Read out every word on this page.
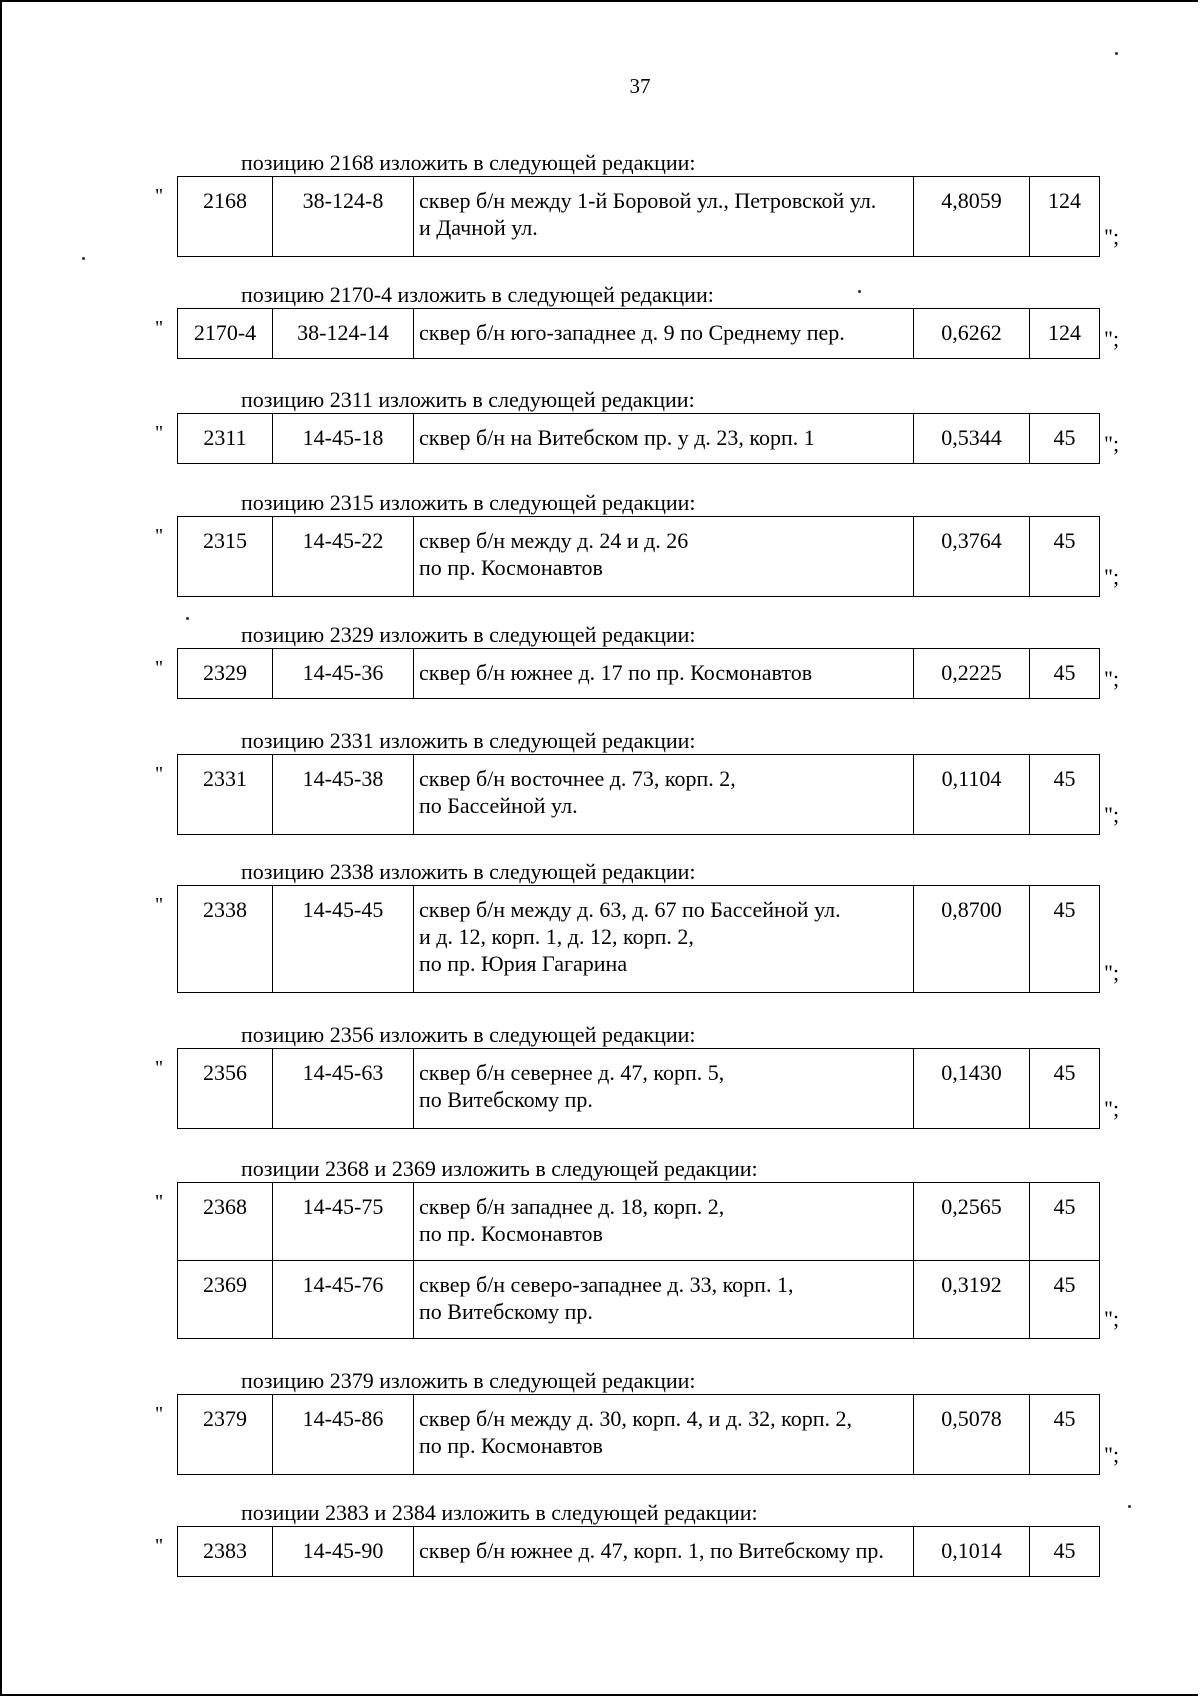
37
позицию 2168 изложить в следующей редакции:
" 2168	38-124-8	сквер б/н между 1-й Боровой ул., Петровской ул.
и Дачной ул.
	4,8059	124
";
позицию 2170-4 изложить в следующей редакции:
" 2170-4	38-124-14	сквер б/н юго-западнее д. 9 по Среднему пер.	0,6262	124 ";
позицию 2311 изложить в следующей редакции:
" 2311	14-45-18	сквер б/н на Витебском пр. у д. 23, корп. 1	0,5344	45 ";
позицию 2315 изложить в следующей редакции:
" 2315	14-45-22	сквер б/н между д. 24 и д. 26
по пр. Космонавтов
	0,3764	45
";
позицию 2329 изложить в следующей редакции:
" 2329	14-45-36	сквер б/н южнее д. 17 по пр. Космонавтов	0,2225	45 ";
позицию 2331 изложить в следующей редакции:
" 2331	14-45-38	сквер б/н восточнее д. 73, корп. 2,
по Бассейной ул.
	0,1104	45
";
позицию 2338 изложить в следующей редакции:
" 2338	14-45-45	сквер б/н между д. 63, д. 67 по Бассейной ул.
и д. 12, корп. 1, д. 12, корп. 2,
по пр. Юрия Гагарина
	0,8700	45
";
позицию 2356 изложить в следующей редакции:
" 2356	14-45-63	сквер б/н севернее д. 47, корп. 5,
по Витебскому пр.
	0,1430	45
";
позиции 2368 и 2369 изложить в следующей редакции:
" 2368	14-45-75	сквер б/н западнее д. 18, корп. 2,
по пр. Космонавтов	0,2565	45
2369	14-45-76	сквер б/н северо-западнее д. 33, корп. 1,
по Витебскому пр.	0,3192	45
";
позицию 2379 изложить в следующей редакции:
" 2379	14-45-86	сквер б/н между д. 30, корп. 4, и д. 32, корп. 2,
по пр. Космонавтов
	0,5078	45
";
позиции 2383 и 2384 изложить в следующей редакции:
" 2383	14-45-90	сквер б/н южнее д. 47, корп. 1, по Витебскому пр.	0,1014	45
